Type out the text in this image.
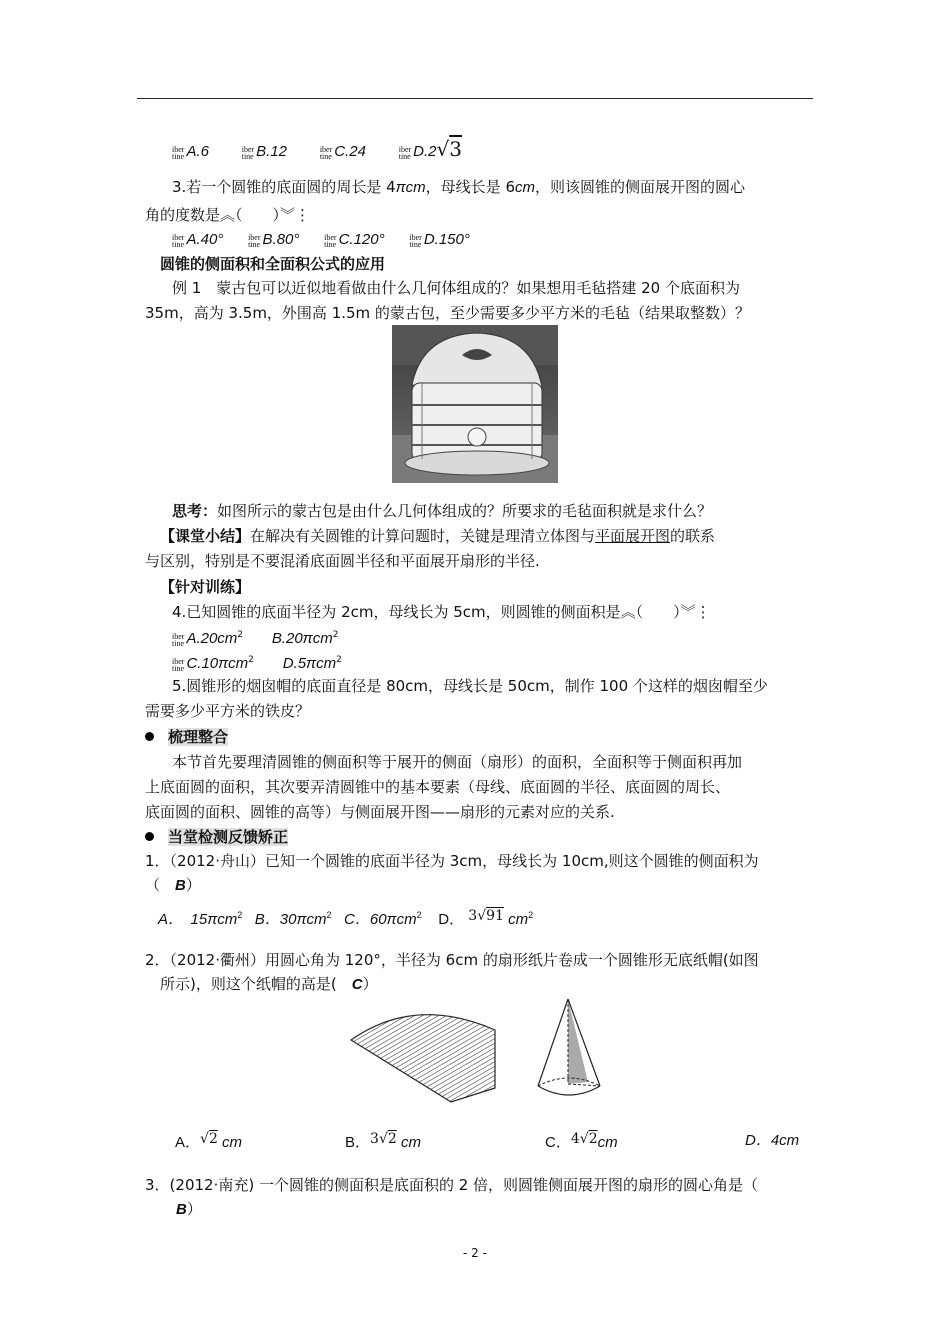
iber
tine A.6	iber
tine B.12	iber
tine C.24	iber
tine D.2√3
3.若一个圆锥的底面圆的周长是 4πcm，母线长是 6cm，则该圆锥的侧面展开图的圆心
角的度数是︽（　　）︾⋮
iber
tine A.40°	iber
tine B.80°	iber
tine C.120°	iber
tine D.150°
圆锥的侧面积和全面积公式的应用
例 1　蒙古包可以近似地看做由什么几何体组成的？如果想用毛毡搭建 20 个底面积为
35m，高为 3.5m，外围高 1.5m 的蒙古包，至少需要多少平方米的毛毡（结果取整数）？
思考：如图所示的蒙古包是由什么几何体组成的？所要求的毛毡面积就是求什么？
【课堂小结】在解决有关圆锥的计算问题时，关键是理清立体图与平面展开图的联系
与区别，特别是不要混淆底面圆半径和平面展开扇形的半径.
【针对训练】
4.已知圆锥的底面半径为 2cm，母线长为 5cm，则圆锥的侧面积是︽（　　）︾⋮
iber
tine $A.20cm^2$ B.20πcm$^2$
iber
tine C.10πcm$^2$ D.5πcm$^2$
5.圆锥形的烟囱帽的底面直径是 80cm，母线长是 50cm，制作 100 个这样的烟囱帽至少
需要多少平方米的铁皮？
梳理整合
本节首先要理清圆锥的侧面积等于展开的侧面（扇形）的面积，全面积等于侧面积再加
上底面圆的面积，其次要弄清圆锥中的基本要素（母线、底面圆的半径、底面圆的周长、
底面圆的面积、圆锥的高等）与侧面展开图——扇形的元素对应的关系.
当堂检测反馈矫正
1．（2012·舟山）已知一个圆锥的底面半径为 3cm，母线长为 10cm,则这个圆锥的侧面积为
（　B）
A．　15πcm$^2$ B．30πcm$^2$ C．60πcm$^2$ D． 3√91 $cm^2$
2．（2012·衢州）用圆心角为 120°，半径为 6cm 的扇形纸片卷成一个圆锥形无底纸帽(如图
所示)，则这个纸帽的高是(　C）
A．√2 cm	B．3√2 cm	C．4√2cm	D．4cm
3．(2012·南充) 一个圆锥的侧面积是底面积的 2 倍，则圆锥侧面展开图的扇形的圆心角是（
B）
- 2 -
